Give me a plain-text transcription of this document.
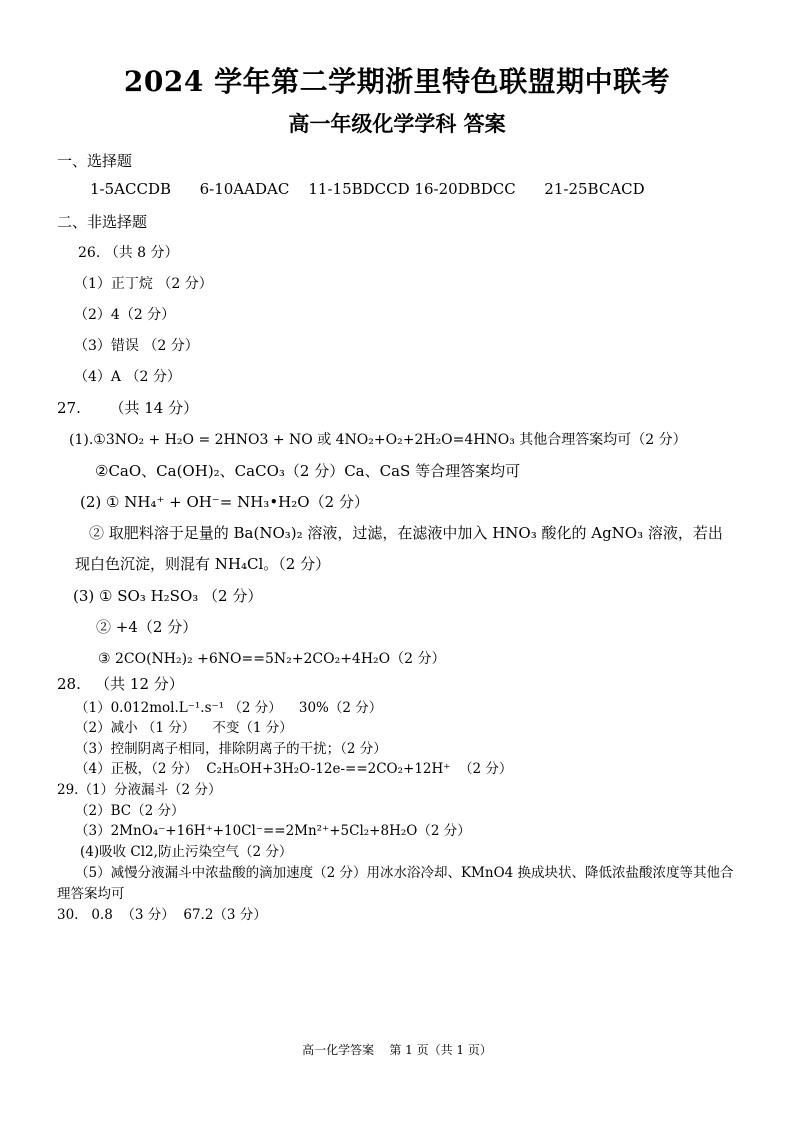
2024 学年第二学期浙里特色联盟期中联考
高一年级化学学科 答案
一、选择题
1-5ACCDB      6-10AADAC    11-15BDCCD 16-20DBDCC      21-25BCACD
二、非选择题
26. （共 8 分）
（1）正丁烷 （2 分）
（2）4（2 分）
（3）错误 （2 分）
（4）A （2 分）
27.      （共 14 分）
(1).①3NO₂ + H₂O = 2HNO3 + NO 或 4NO₂+O₂+2H₂O=4HNO₃ 其他合理答案均可（2 分）
②CaO、Ca(OH)₂、CaCO₃（2 分）Ca、CaS 等合理答案均可
(2) ① NH₄⁺ + OH⁻= NH₃•H₂O（2 分）
② 取肥料溶于足量的 Ba(NO₃)₂ 溶液，过滤，在滤液中加入 HNO₃ 酸化的 AgNO₃ 溶液，若出
现白色沉淀，则混有 NH₄Cl。（2 分）
(3) ① SO₃ H₂SO₃ （2 分）
② +4（2 分）
③ 2CO(NH₂)₂ +6NO==5N₂+2CO₂+4H₂O（2 分）
28.   （共 12 分）
（1）0.012mol.L⁻¹.s⁻¹ （2 分）    30%（2 分）
（2）减小 （1 分）    不变（1 分）
（3）控制阴离子相同，排除阴离子的干扰；（2 分）
（4）正极，（2 分）  C₂H₅OH+3H₂O-12e-==2CO₂+12H⁺  （2 分）
29.（1）分液漏斗（2 分）
（2）BC（2 分）
（3）2MnO₄⁻+16H⁺+10Cl⁻==2Mn²⁺+5Cl₂+8H₂O（2 分）
(4)吸收 Cl2,防止污染空气（2 分）
（5）减慢分液漏斗中浓盐酸的滴加速度（2 分）用冰水浴冷却、KMnO4 换成块状、降低浓盐酸浓度等其他合
理答案均可
30.   0.8  （3 分）  67.2（3 分）
高一化学答案    第 1 页（共 1 页）
